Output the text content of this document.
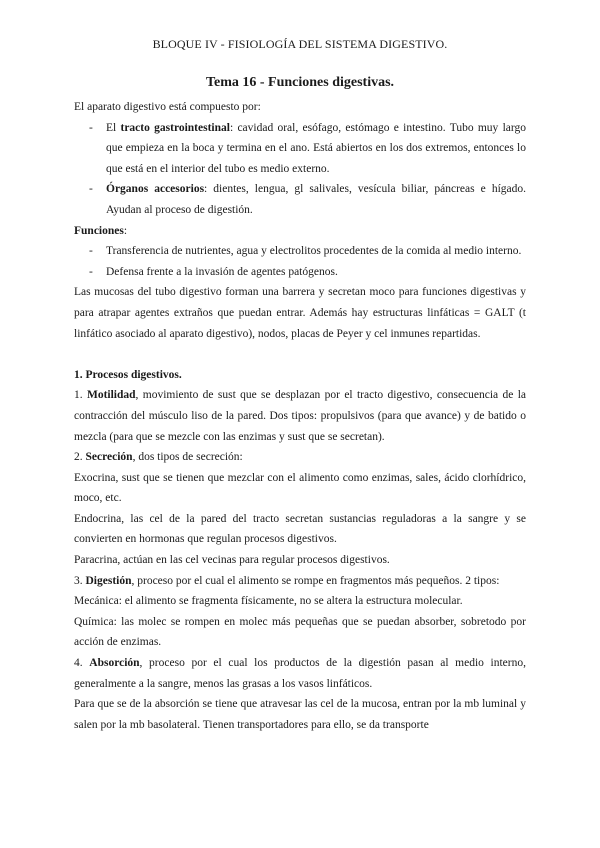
BLOQUE IV - FISIOLOGÍA DEL SISTEMA DIGESTIVO.
Tema 16 - Funciones digestivas.

El aparato digestivo está compuesto por:

- El tracto gastrointestinal: cavidad oral, esófago, estómago e intestino. Tubo muy largo que empieza en la boca y termina en el ano. Está abiertos en los dos extremos, entonces lo que está en el interior del tubo es medio externo.

- Órganos accesorios: dientes, lengua, gl salivales, vesícula biliar, páncreas e hígado. Ayudan al proceso de digestión.

Funciones:

- Transferencia de nutrientes, agua y electrolitos procedentes de la comida al medio interno.

- Defensa frente a la invasión de agentes patógenos.

Las mucosas del tubo digestivo forman una barrera y secretan moco para funciones digestivas y para atrapar agentes extraños que puedan entrar. Además hay estructuras linfáticas = GALT (t linfático asociado al aparato digestivo), nodos, placas de Peyer y cel inmunes repartidas.

1. Procesos digestivos.

1. Motilidad, movimiento de sust que se desplazan por el tracto digestivo, consecuencia de la contracción del músculo liso de la pared. Dos tipos: propulsivos (para que avance) y de batido o mezcla (para que se mezcle con las enzimas y sust que se secretan).

2. Secreción, dos tipos de secreción:

Exocrina, sust que se tienen que mezclar con el alimento como enzimas, sales, ácido clorhídrico, moco, etc.

Endocrina, las cel de la pared del tracto secretan sustancias reguladoras a la sangre y se convierten en hormonas que regulan procesos digestivos.

Paracrina, actúan en las cel vecinas para regular procesos digestivos.

3. Digestión, proceso por el cual el alimento se rompe en fragmentos más pequeños. 2 tipos:

Mecánica: el alimento se fragmenta físicamente, no se altera la estructura molecular.

Química: las molec se rompen en molec más pequeñas que se puedan absorber, sobretodo por acción de enzimas.

4. Absorción, proceso por el cual los productos de la digestión pasan al medio interno, generalmente a la sangre, menos las grasas a los vasos linfáticos.

Para que se de la absorción se tiene que atravesar las cel de la mucosa, entran por la mb luminal y salen por la mb basolateral. Tienen transportadores para ello, se da transporte
